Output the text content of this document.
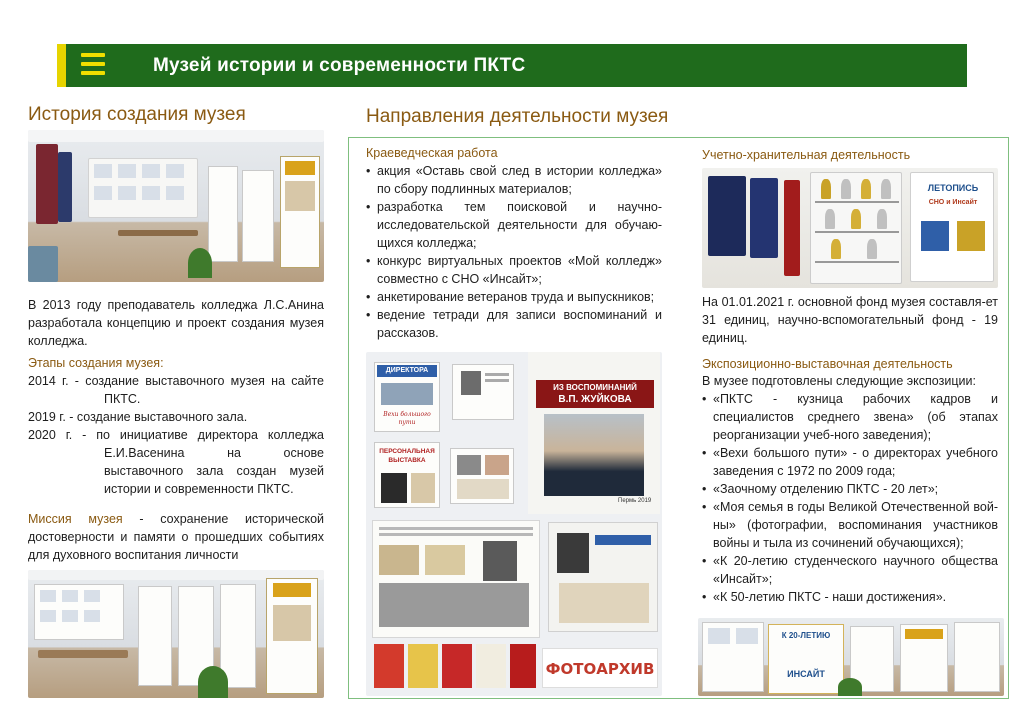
Музей истории и современности ПКТС
История создания музея

В 2013 году преподаватель колледжа Л.С.Анина разработала концепцию и проект создания музея колледжа.

Этапы создания музея:

2014 г. - создание выставочного музея на сайте ПКТС.

2019 г. - создание выставочного зала.

2020 г. - по инициативе директора колледжа Е.И.Васенина на основе выставочного зала создан музей истории и современности ПКТС.

Миссия музея - сохранение исторической достоверности и памяти о прошедших событиях для духовного воспитания личности

Направления деятельности музея

Краеведческая работа

• акция «Оставь свой след в истории колледжа» по сбору подлинных материалов;
• разработка тем поисковой и научно-исследовательской деятельности для обучаю-щихся колледжа;
• конкурс виртуальных проектов «Мой колледж» совместно с СНО «Инсайт»;
• анкетирование ветеранов труда и выпускников;
• ведение тетради для записи воспоминаний и рассказов.
ДИРЕКТОРА
Вехи большого пути
ПЕРСОНАЛЬНАЯ ВЫСТАВКА
ИЗ ВОСПОМИНАНИЙ
В.П. ЖУЙКОВА
Пермь 2019
ФОТОАРХИВ

Учетно-хранительная деятельность

ЛЕТОПИСЬ
СНО и Инсайт

На 01.01.2021 г. основной фонд музея составля-ет 31 единиц, научно-вспомогательный фонд - 19 единиц.

Экспозиционно-выставочная деятельность

В музее подготовлены следующие экспозиции:

• «ПКТС - кузница рабочих кадров и специалистов среднего звена» (об этапах реорганизации учеб-ного заведения);
• «Вехи большого пути» - о директорах учебного заведения с 1972 по 2009 года;
• «Заочному отделению ПКТС - 20 лет»;
• «Моя семья в годы Великой Отечественной вой-ны» (фотографии, воспоминания участников войны и тыла из сочинений обучающихся);
• «К 20-летию студенческого научного общества «Инсайт»;
• «К 50-летию ПКТС - наши достижения».
К 20-ЛЕТИЮ
ИНСАЙТ
